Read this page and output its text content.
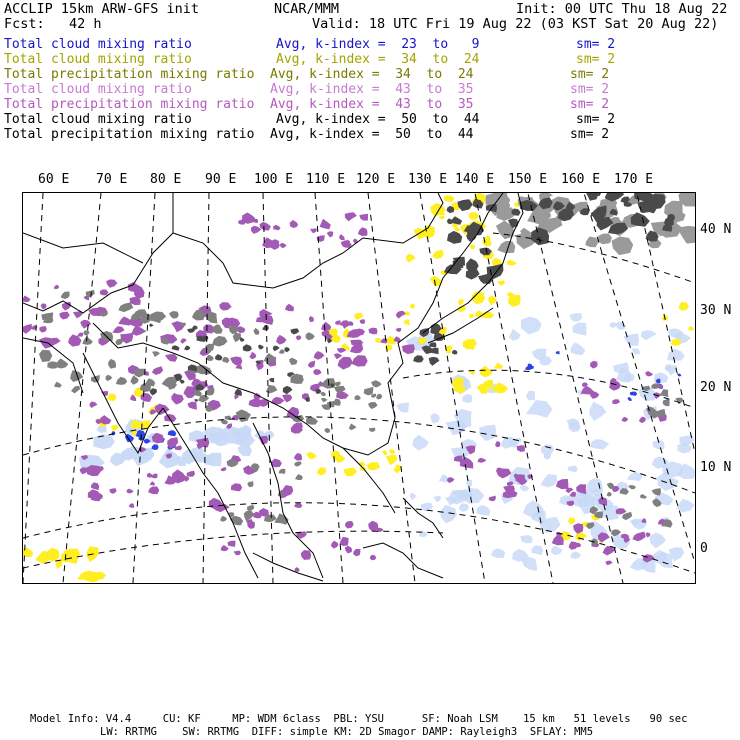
ACCLIP 15km ARW-GFS init	NCAR/MMM	Init: 00 UTC Thu 18 Aug 22
Fcst:   42 h	Valid: 18 UTC Fri 19 Aug 22 (03 KST Sat 20 Aug 22)
Total cloud mixing ratio	Avg, k-index =  23  to   9	sm= 2
Total cloud mixing ratio	Avg, k-index =  34  to  24	sm= 2
Total precipitation mixing ratio Avg, k-index =  34  to  24	sm= 2
Total cloud mixing ratio	Avg, k-index =  43  to  35	sm= 2
Total precipitation mixing ratio Avg, k-index =  43  to  35	sm= 2
Total cloud mixing ratio	Avg, k-index =  50  to  44	sm= 2
Total precipitation mixing ratio Avg, k-index =  50  to  44	sm= 2
60 E 70 E 80 E 90 E 100 E 110 E 120 E 130 E 140 E 150 E 160 E 170 E
40 N
30 N
20 N
10 N
0
Model Info: V4.4     CU: KF     MP: WDM 6class  PBL: YSU      SF: Noah LSM    15 km   51 levels   90 sec
LW: RRTMG    SW: RRTMG  DIFF: simple KM: 2D Smagor DAMP: Rayleigh3  SFLAY: MM5
